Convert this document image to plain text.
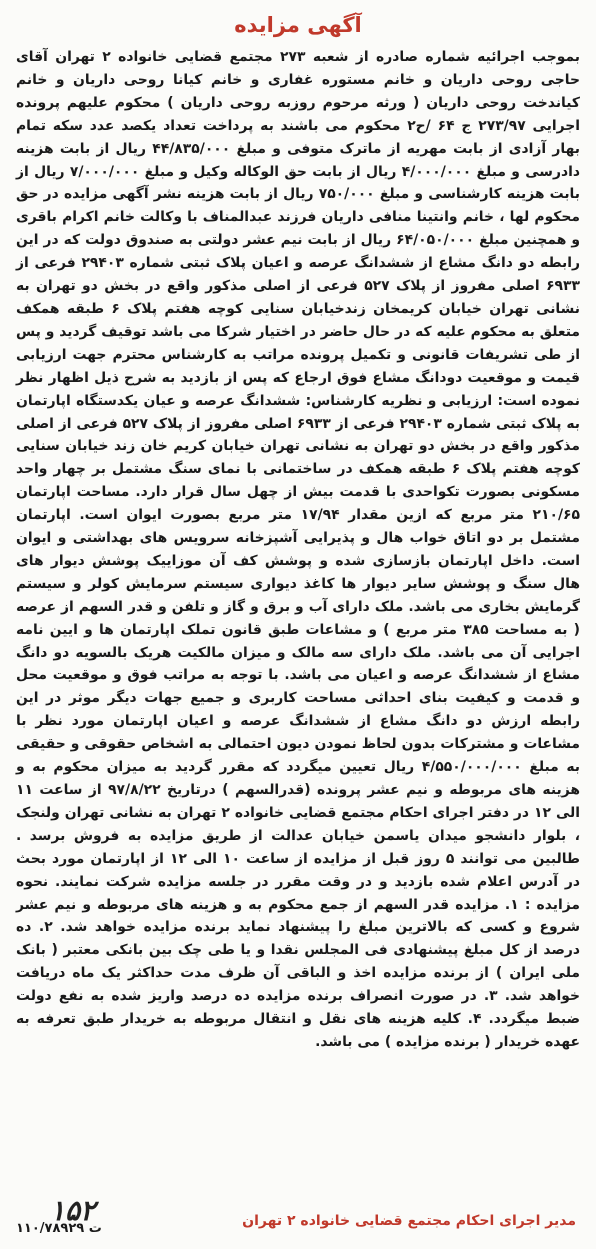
آگهی مزایده
بموجب اجرائیه شماره صادره از شعبه ۲۷۳ مجتمع قضایی خانواده ۲ تهران آقای حاجی روحی داریان و خانم مستوره غفاری و خانم کیانا روحی داریان و خانم کیاندخت روحی داریان ( ورثه مرحوم روزبه روحی داریان ) محکوم علیهم پرونده اجرایی ۲۷۳/۹۷ ج ۶۴ /ح۲ محکوم می باشند به پرداخت تعداد یکصد عدد سکه تمام بهار آزادی از بابت مهریه از ماترک متوفی و مبلغ ۴۴/۸۳۵/۰۰۰ ریال از بابت هزینه دادرسی و مبلغ ۴/۰۰۰/۰۰۰ ریال از بابت حق الوکاله وکیل و مبلغ ۷/۰۰۰/۰۰۰ ریال از بابت هزینه کارشناسی و مبلغ ۷۵۰/۰۰۰ ریال از بابت هزینه نشر آگهی مزایده در حق محکوم لها ، خانم وانتینا منافی داریان فرزند عبدالمناف با وکالت خانم اکرام باقری و همچنین مبلغ ۶۴/۰۵۰/۰۰۰ ریال از بابت نیم عشر دولتی به صندوق دولت که در این رابطه دو دانگ مشاع از ششدانگ عرصه و اعیان پلاک ثبتی شماره ۲۹۴۰۳ فرعی از ۶۹۳۳ اصلی مفروز از پلاک ۵۲۷ فرعی از اصلی مذکور واقع در بخش دو تهران به نشانی تهران خیابان کریمخان زندخیابان سنایی کوچه هفتم پلاک ۶ طبقه همکف متعلق به محکوم علیه که در حال حاضر در اختیار شرکا می باشد توقیف گردید و پس از طی تشریفات قانونی و تکمیل پرونده مراتب به کارشناس محترم جهت ارزیابی قیمت و موقعیت دودانگ مشاع فوق ارجاع که پس از بازدید به شرح ذیل اظهار نظر نموده است: ارزیابی و نظریه کارشناس: ششدانگ عرصه و عیان یکدستگاه اپارتمان به پلاک ثبتی شماره ۲۹۴۰۳ فرعی از ۶۹۳۳ اصلی مفروز از پلاک ۵۲۷ فرعی از اصلی مذکور واقع در بخش دو تهران به نشانی تهران خیابان کریم خان زند خیابان سنایی کوچه هفتم پلاک ۶ طبقه همکف در ساختمانی با نمای سنگ مشتمل بر چهار واحد مسکونی بصورت تکواحدی با قدمت بیش از چهل سال قرار دارد. مساحت اپارتمان ۲۱۰/۶۵ متر مربع که ازین مقدار ۱۷/۹۴ متر مربع بصورت ایوان است. اپارتمان مشتمل بر دو اتاق خواب هال و پذیرایی آشپزخانه سرویس های بهداشتی و ایوان است. داخل اپارتمان بازسازی شده و پوشش کف آن موزاییک پوشش دیوار های هال سنگ و پوشش سایر دیوار ها کاغذ دیواری سیستم سرمایش کولر و سیستم گرمایش بخاری می باشد. ملک دارای آب و برق و گاز و تلفن و قدر السهم از عرصه ( به مساحت ۳۸۵ متر مربع ) و مشاعات طبق قانون تملک اپارتمان ها و ایین نامه اجرایی آن می باشد. ملک دارای سه مالک و میزان مالکیت هریک بالسویه دو دانگ مشاع از ششدانگ عرصه و اعیان می باشد. با توجه به مراتب فوق و موقعیت محل و قدمت و کیفیت بنای احداثی مساحت کاربری و جمیع جهات دیگر موثر در این رابطه ارزش دو دانگ مشاع از ششدانگ عرصه و اعیان اپارتمان مورد نظر با مشاعات و مشترکات بدون لحاظ نمودن دیون احتمالی به اشخاص حقوقی و حقیقی به مبلغ ۴/۵۵۰/۰۰۰/۰۰۰ ریال تعیین میگردد که مقرر گردید به میزان محکوم به و هزینه های مربوطه و نیم عشر پرونده (قدرالسهم ) درتاریخ ۹۷/۸/۲۲ از ساعت ۱۱ الی ۱۲ در دفتر اجرای احکام مجتمع قضایی خانواده ۲ تهران به نشانی تهران ولنجک ، بلوار دانشجو میدان یاسمن خیابان عدالت از طریق مزایده به فروش برسد . طالبین می توانند ۵ روز قبل از مزایده از ساعت ۱۰ الی ۱۲ از اپارتمان مورد بحث در آدرس اعلام شده بازدید و در وقت مقرر در جلسه مزایده شرکت نمایند. نحوه مزایده : ۱. مزایده قدر السهم از جمع محکوم به و هزینه های مربوطه و نیم عشر شروع و کسی که بالاترین مبلغ را پیشنهاد نماید برنده مزایده خواهد شد. ۲. ده درصد از کل مبلغ پیشنهادی فی المجلس نقدا و یا طی چک بین بانکی معتبر ( بانک ملی ایران ) از برنده مزایده اخذ و الباقی آن ظرف مدت حداکثر یک ماه دریافت خواهد شد. ۳. در صورت انصراف برنده مزایده ده درصد واریز شده به نفع دولت ضبط میگردد. ۴. کلیه هزینه های نقل و انتقال مربوطه به خریدار طبق تعرفه به عهده خریدار ( برنده مزایده ) می باشد.
مدیر اجرای احکام مجتمع قضایی خانواده ۲ تهران
۱۵۲
۱۱۰/۷۸۹۲۹ ت
